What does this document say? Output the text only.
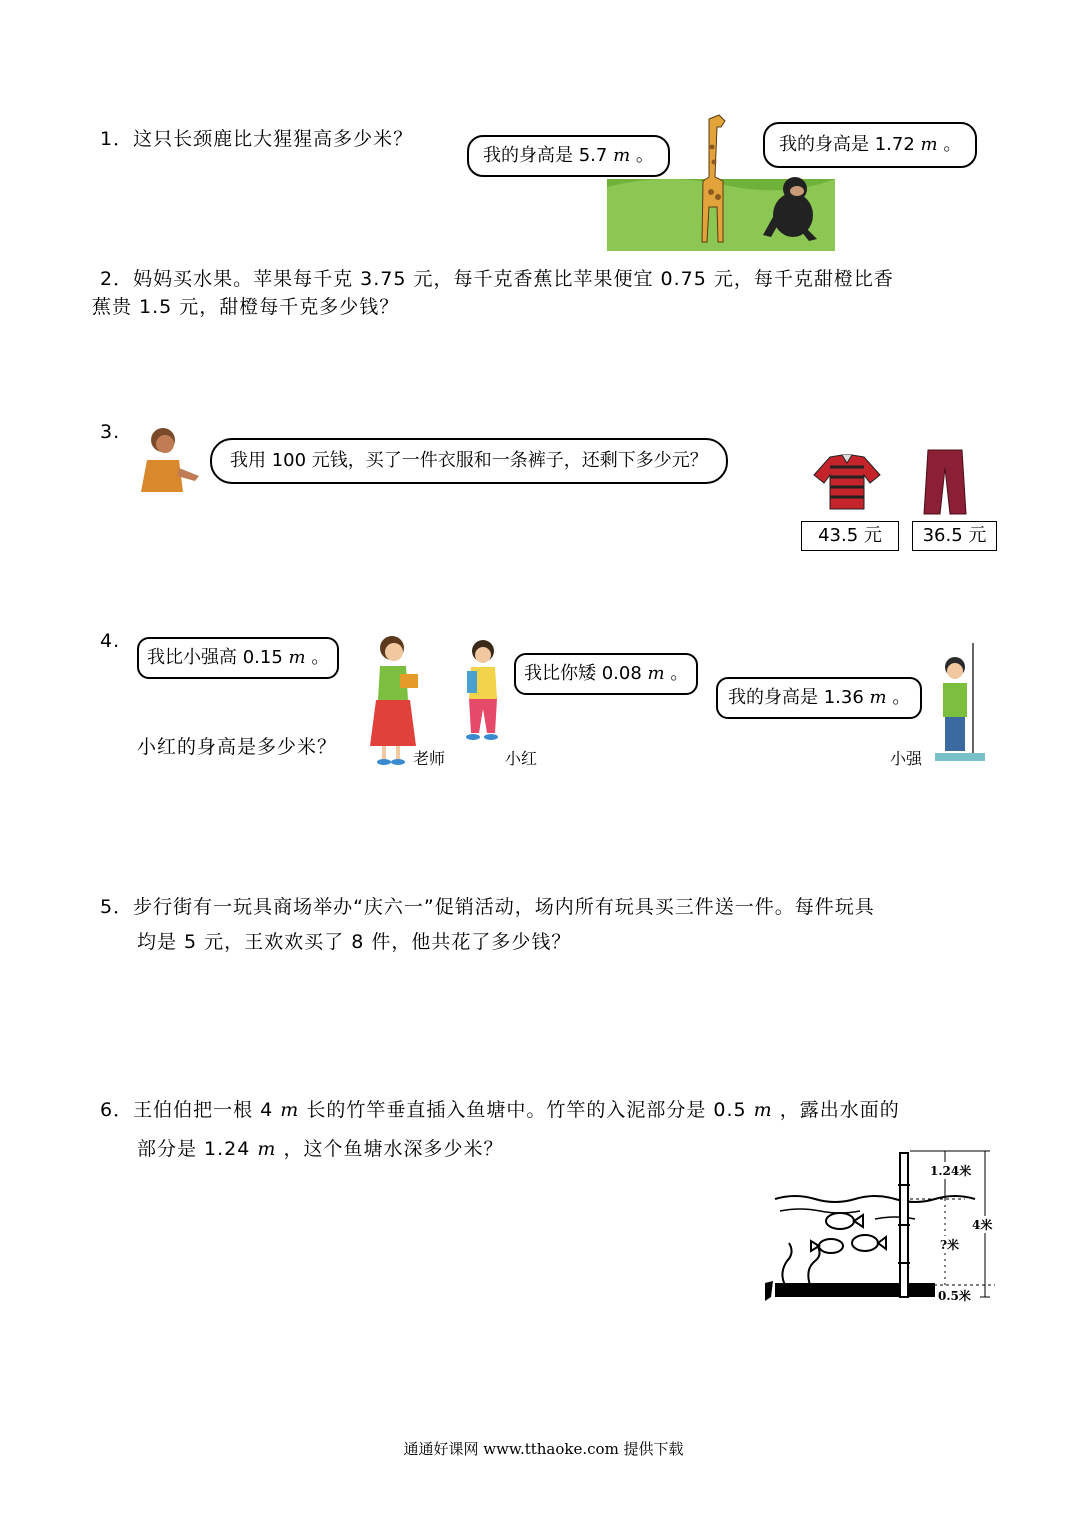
1．这只长颈鹿比大猩猩高多少米？
我的身高是 5.7 m 。
我的身高是 1.72 m 。
2．妈妈买水果。苹果每千克 3.75 元，每千克香蕉比苹果便宜 0.75 元，每千克甜橙比香
蕉贵 1.5 元，甜橙每千克多少钱？
3.
我用 100 元钱，买了一件衣服和一条裤子，还剩下多少元？
43.5 元	36.5 元
4.
我比小强高 0.15 m 。
我比你矮 0.08 m 。
我的身高是 1.36 m 。
小红的身高是多少米？
老师	小红	小强
5．步行街有一玩具商场举办“庆六一”促销活动，场内所有玩具买三件送一件。每件玩具
均是 5 元，王欢欢买了 8 件，他共花了多少钱？
6．王伯伯把一根 4 m 长的竹竿垂直插入鱼塘中。竹竿的入泥部分是 0.5 m ，露出水面的
部分是 1.24 m ，这个鱼塘水深多少米？
1.24米
4米
?米
0.5米
通通好课网 www.tthaoke.com 提供下载
